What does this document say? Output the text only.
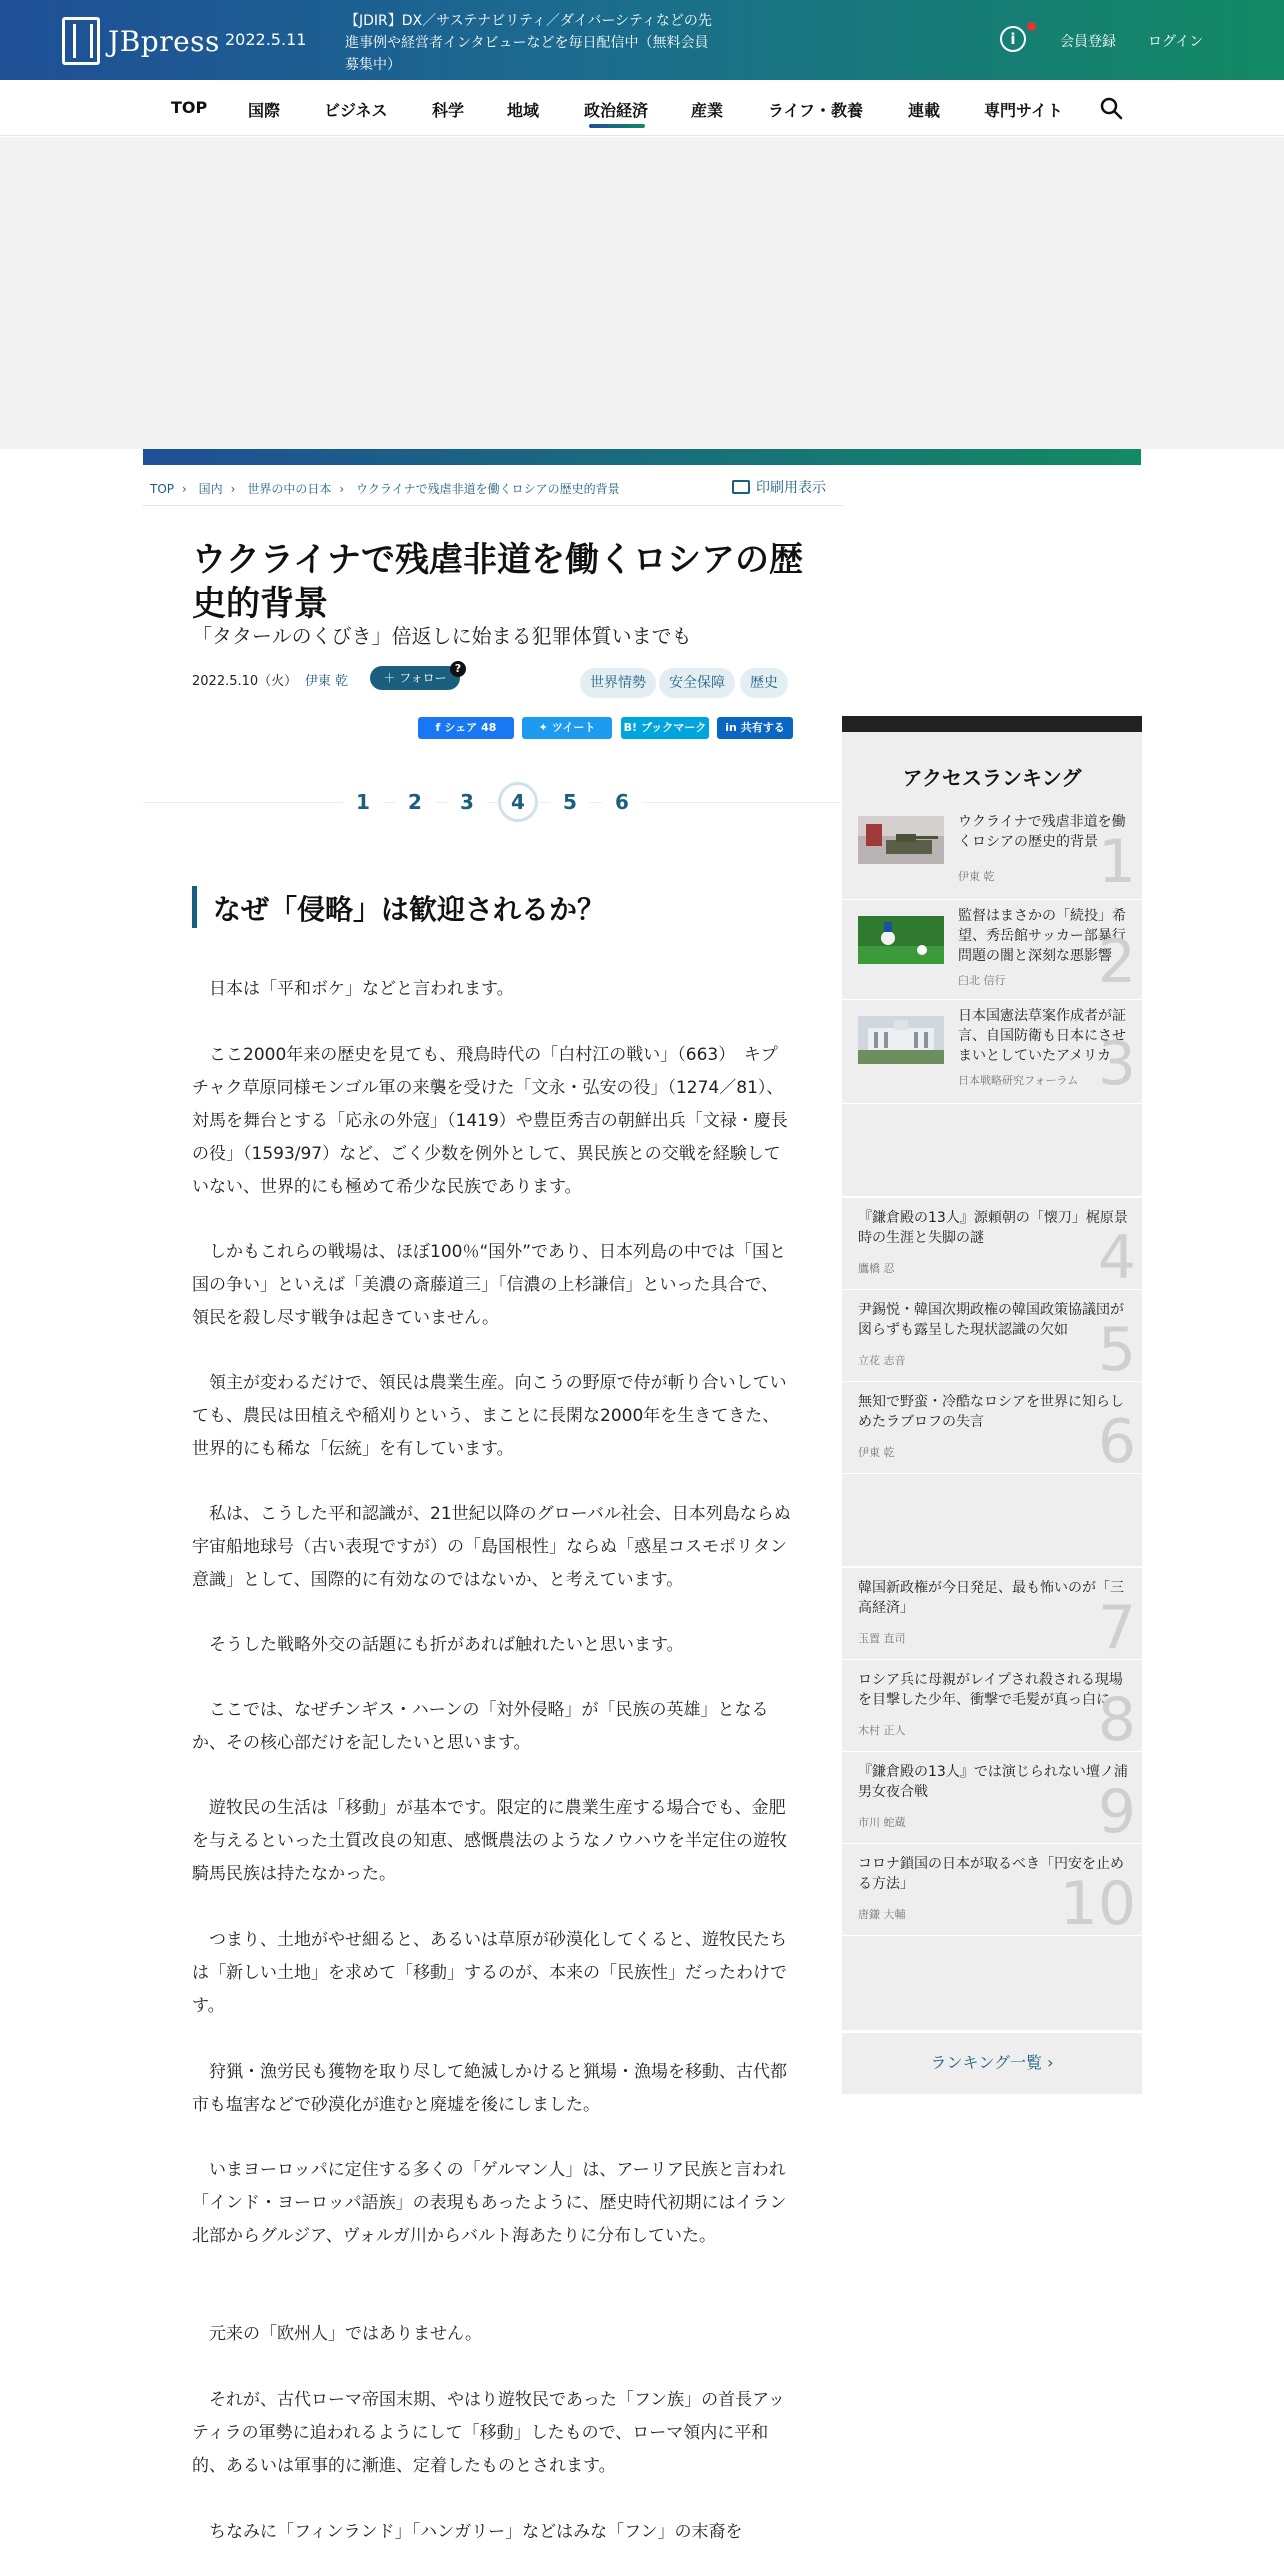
JBpress 2022.5.11
【JDIR】DX／サステナビリティ／ダイバーシティなどの先進事例や経営者インタビューなどを毎日配信中（無料会員募集中）
i	会員登録 ログイン
TOP	国際	ビジネス	科学	地域	政治経済	産業	ライフ・教養	連載	専門サイト
TOP › 国内 › 世界の中の日本 › ウクライナで残虐非道を働くロシアの歴史的背景	印刷用表示
ウクライナで残虐非道を働くロシアの歴史的背景
「タタールのくびき」倍返しに始まる犯罪体質いまでも
2022.5.10（火） 伊東 乾	＋ フォロー
?
世界情勢	安全保障	歴史
f シェア 48	✦ ツイート	B! ブックマーク in 共有する
1	2	3	4	5	6
なぜ「侵略」は歓迎されるか？

日本は「平和ボケ」などと言われます。

ここ2000年来の歴史を見ても、飛鳥時代の「白村江の戦い」（663）　キプチャク草原同様モンゴル軍の来襲を受けた「文永・弘安の役」（1274／81）、対馬を舞台とする「応永の外寇」（1419）や豊臣秀吉の朝鮮出兵「文禄・慶長の役」（1593/97）など、ごく少数を例外として、異民族との交戦を経験していない、世界的にも極めて希少な民族であります。

しかもこれらの戦場は、ほぼ100％“国外”であり、日本列島の中では「国と国の争い」といえば「美濃の斎藤道三」「信濃の上杉謙信」といった具合で、領民を殺し尽す戦争は起きていません。

領主が変わるだけで、領民は農業生産。向こうの野原で侍が斬り合いしていても、農民は田植えや稲刈りという、まことに長閑な2000年を生きてきた、世界的にも稀な「伝統」を有しています。

私は、こうした平和認識が、21世紀以降のグローバル社会、日本列島ならぬ宇宙船地球号（古い表現ですが）の「島国根性」ならぬ「惑星コスモポリタン意識」として、国際的に有効なのではないか、と考えています。

そうした戦略外交の話題にも折があれば触れたいと思います。

ここでは、なぜチンギス・ハーンの「対外侵略」が「民族の英雄」となるか、その核心部だけを記したいと思います。

遊牧民の生活は「移動」が基本です。限定的に農業生産する場合でも、金肥を与えるといった土質改良の知恵、感慨農法のようなノウハウを半定住の遊牧騎馬民族は持たなかった。

つまり、土地がやせ細ると、あるいは草原が砂漠化してくると、遊牧民たちは「新しい土地」を求めて「移動」するのが、本来の「民族性」だったわけです。

狩猟・漁労民も獲物を取り尽して絶滅しかけると猟場・漁場を移動、古代都市も塩害などで砂漠化が進むと廃墟を後にしました。

いまヨーロッパに定住する多くの「ゲルマン人」は、アーリア民族と言われ「インド・ヨーロッパ語族」の表現もあったように、歴史時代初期にはイラン北部からグルジア、ヴォルガ川からバルト海あたりに分布していた。

元来の「欧州人」ではありません。

それが、古代ローマ帝国末期、やはり遊牧民であった「フン族」の首長アッティラの軍勢に追われるようにして「移動」したもので、ローマ領内に平和的、あるいは軍事的に漸進、定着したものとされます。

ちなみに「フィンランド」「ハンガリー」などはみな「フン」の末裔を

アクセスランキング
ウクライナで残虐非道を働くロシアの歴史的背景
伊東 乾 1
監督はまさかの「続投」希望、秀岳館サッカー部暴行問題の闇と深刻な悪影響
臼北 信行 2
日本国憲法草案作成者が証言、自国防衛も日本にさせまいとしていたアメリカ
日本戦略研究フォーラム 3
『鎌倉殿の13人』源頼朝の「懐刀」梶原景時の生涯と失脚の謎
鷹橋 忍	4
尹錫悦・韓国次期政権の韓国政策協議団が図らずも露呈した現状認識の欠如
立花 志音	5
無知で野蛮・冷酷なロシアを世界に知らしめたラブロフの失言
伊東 乾	6
韓国新政権が今日発足、最も怖いのが「三高経済」
玉置 直司	7
ロシア兵に母親がレイプされ殺される現場を目撃した少年、衝撃で毛髪が真っ白に
木村 正人	8
『鎌倉殿の13人』では演じられない壇ノ浦男女夜合戦
市川 蛇蔵	9
コロナ鎖国の日本が取るべき「円安を止める方法」
唐鎌 大輔	10
ランキング一覧 ›
